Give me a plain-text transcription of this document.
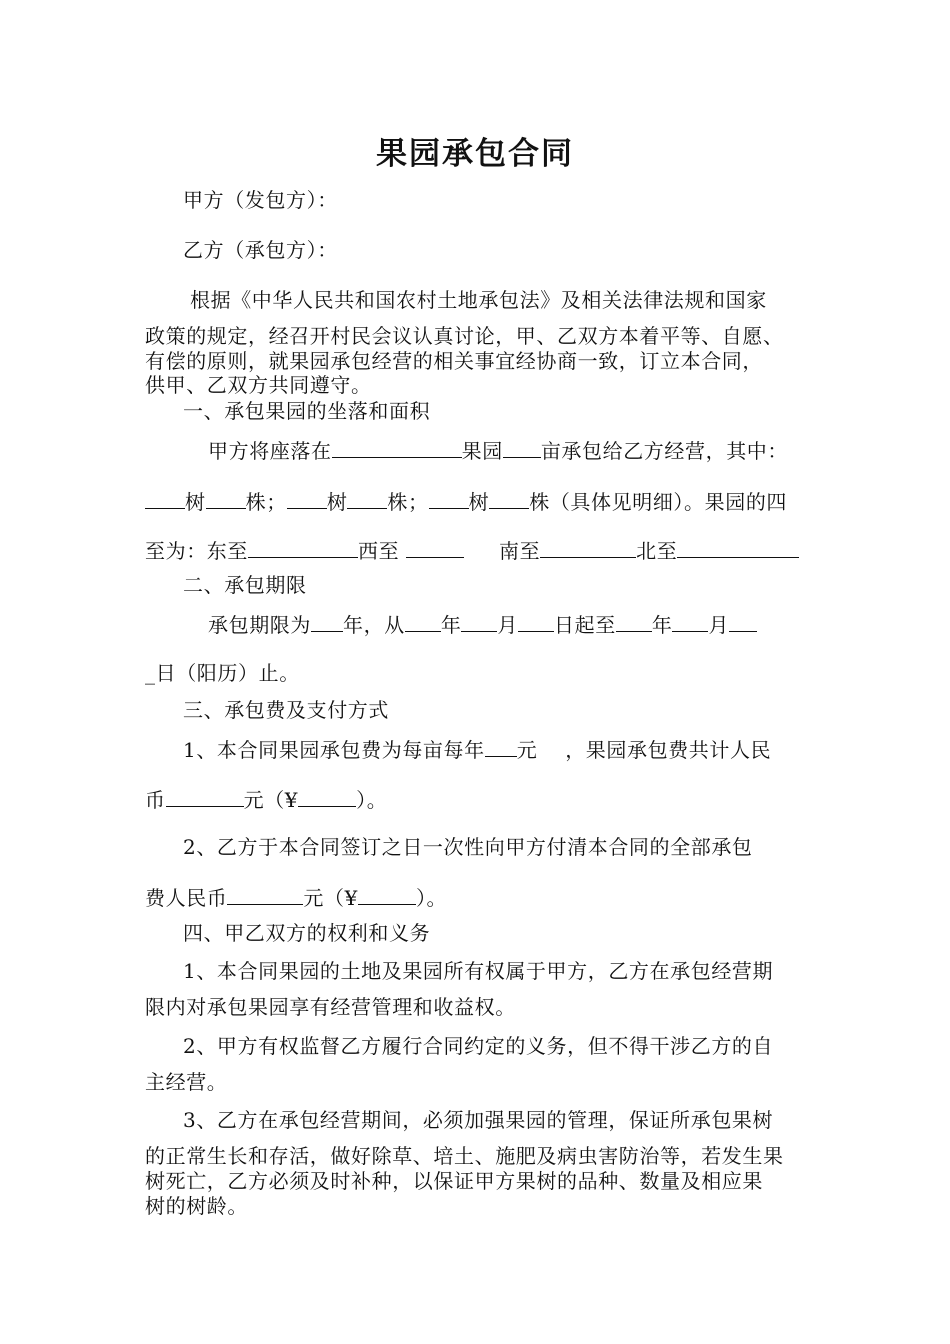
果园承包合同
甲方（发包方）：
乙方（承包方）：
根据《中华人民共和国农村土地承包法》及相关法律法规和国家
政策的规定，经召开村民会议认真讨论，甲、乙双方本着平等、自愿、
有偿的原则，就果园承包经营的相关事宜经协商一致，订立本合同，
供甲、乙双方共同遵守。
一、承包果园的坐落和面积
甲方将座落在	果园 亩承包给乙方经营，其中：
树 株； 树 株； 树 株（具体见明细）。果园的四
至为：东至	西至	南至	北至
二、承包期限
承包期限为 年，从 年 月 日起至 年 月
_日（阳历）止。
三、承包费及支付方式
1、本合同果园承包费为每亩每年 元 ，果园承包费共计人民
币	元（¥	）。
2、乙方于本合同签订之日一次性向甲方付清本合同的全部承包
费人民币	元（¥	）。
四、甲乙双方的权利和义务
1、本合同果园的土地及果园所有权属于甲方，乙方在承包经营期
限内对承包果园享有经营管理和收益权。
2、甲方有权监督乙方履行合同约定的义务，但不得干涉乙方的自
主经营。
3、乙方在承包经营期间，必须加强果园的管理，保证所承包果树
的正常生长和存活，做好除草、培土、施肥及病虫害防治等，若发生果
树死亡，乙方必须及时补种，以保证甲方果树的品种、数量及相应果
树的树龄。
